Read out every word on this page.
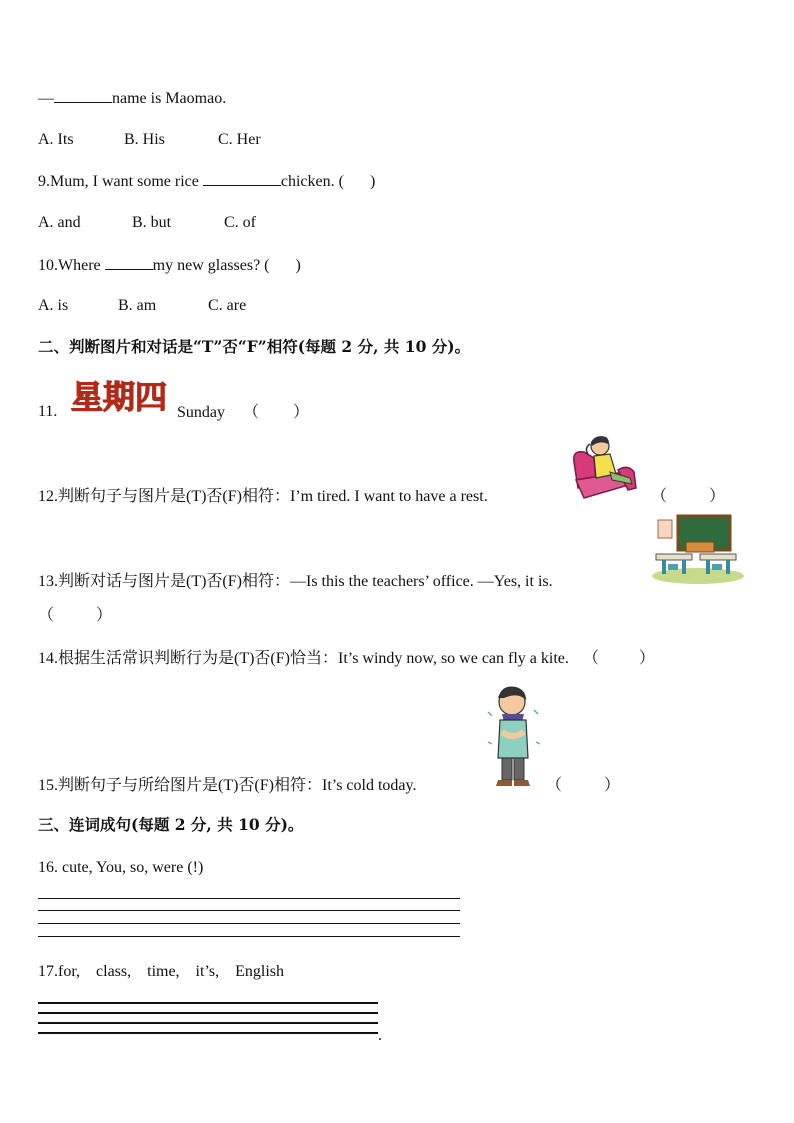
—	name is Maomao.
A. Its	B. His	C. Her
9.Mum, I want some rice	chicken. ( )
A. and	B. but	C. of
10.Where	my new glasses? ( )
A. is	B. am	C. are
二、判断图片和对话是“T”否“F”相符(每题 2 分, 共 10 分)。
11. 星期四 Sunday （ ）
12.判断句子与图片是(T)否(F)相符：I’m tired. I want to have a rest.	（	）
13.判断对话与图片是(T)否(F)相符：—Is this the teachers’ office. —Yes, it is.
（	）
14.根据生活常识判断行为是(T)否(F)恰当：It’s windy now, so we can fly a kite. （	）
15.判断句子与所给图片是(T)否(F)相符：It’s cold today.	（	）
三、连词成句(每题 2 分, 共 10 分)。
16. cute, You, so, were (!)
17.for,    class,    time,    it’s,    English
.
